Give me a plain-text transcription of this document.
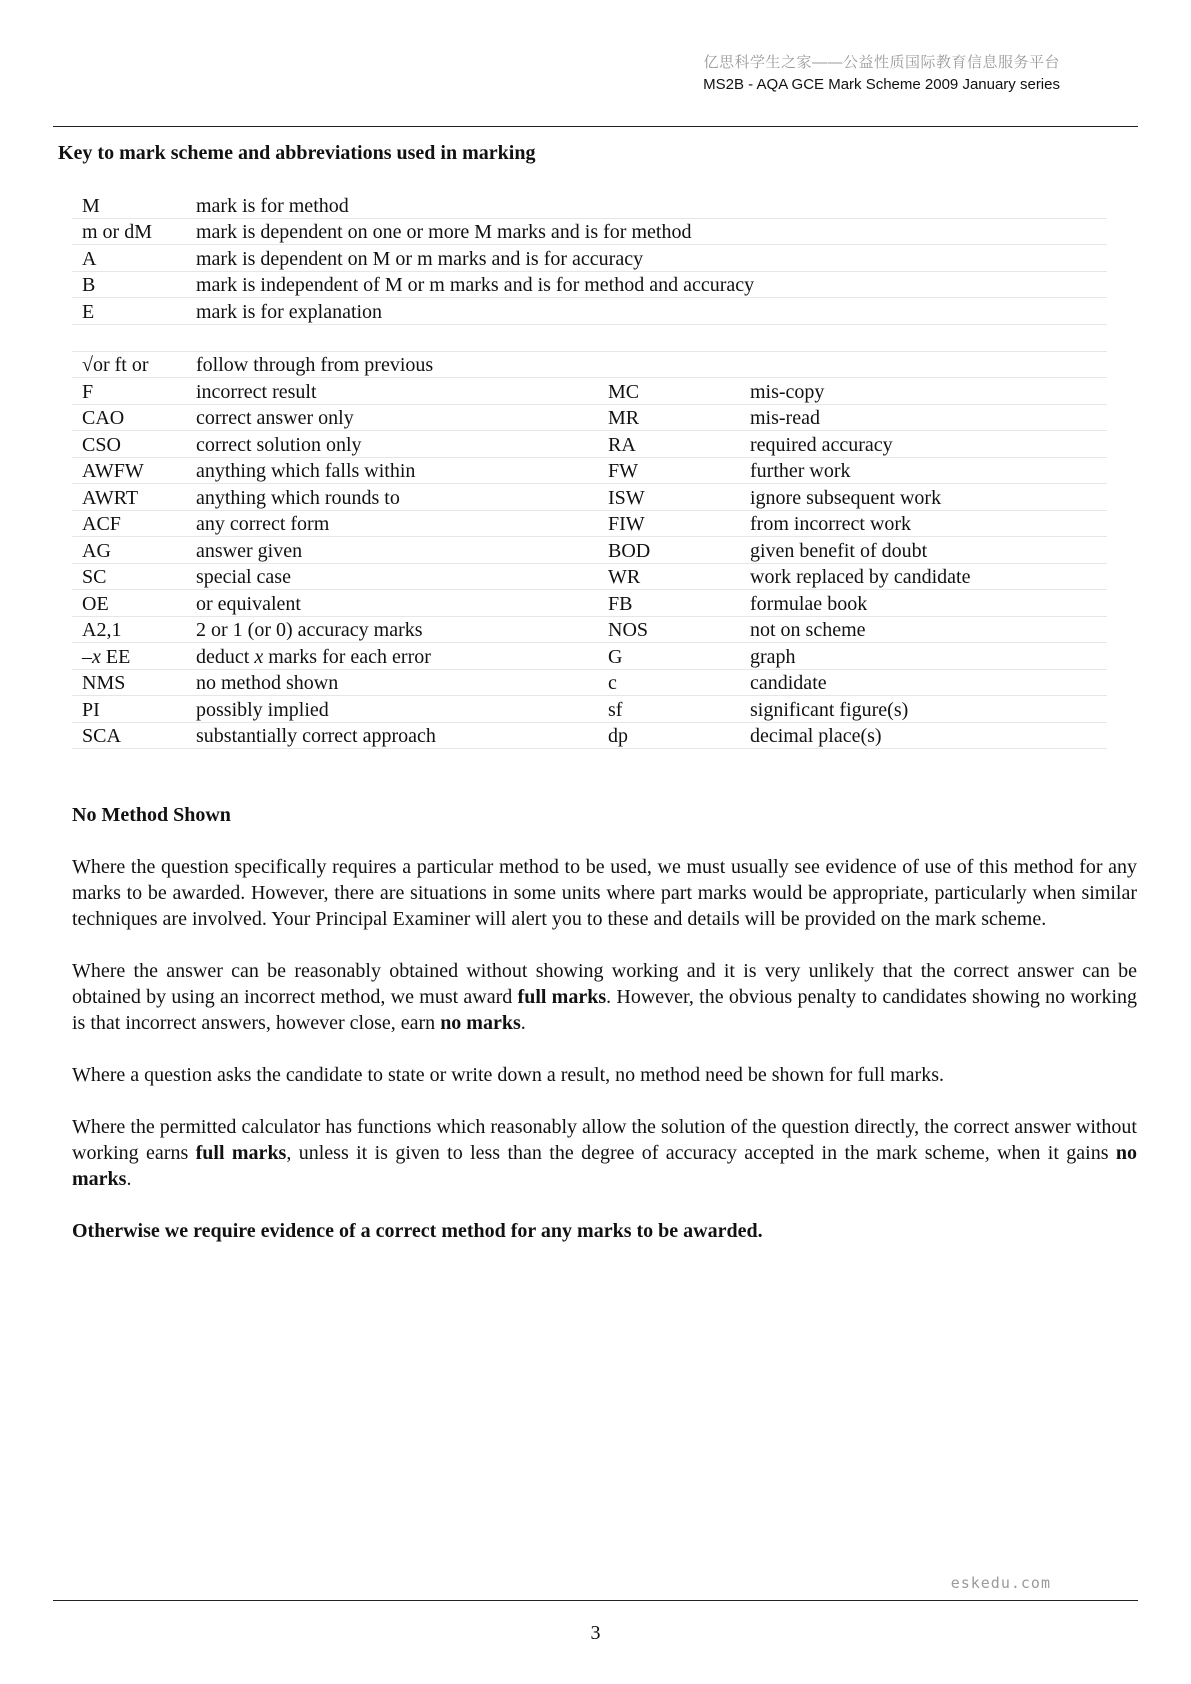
亿思科学生之家——公益性质国际教育信息服务平台
MS2B - AQA GCE Mark Scheme 2009 January series
Key to mark scheme and abbreviations used in marking
M	mark is for method		
m or dM	mark is dependent on one or more M marks and is for method		
A	mark is dependent on M or m marks and is for accuracy		
B	mark is independent of M or m marks and is for method and accuracy		
E	mark is for explanation		

√or ft or	follow through from previous		
F	incorrect result	MC	mis-copy
CAO	correct answer only	MR	mis-read
CSO	correct solution only	RA	required accuracy
AWFW	anything which falls within	FW	further work
AWRT	anything which rounds to	ISW	ignore subsequent work
ACF	any correct form	FIW	from incorrect work
AG	answer given	BOD	given benefit of doubt
SC	special case	WR	work replaced by candidate
OE	or equivalent	FB	formulae book
A2,1	2 or 1 (or 0) accuracy marks	NOS	not on scheme
–x EE	deduct x marks for each error	G	graph
NMS	no method shown	c	candidate
PI	possibly implied	sf	significant figure(s)
SCA	substantially correct approach	dp	decimal place(s)
No Method Shown

Where the question specifically requires a particular method to be used, we must usually see evidence of use of this method for any marks to be awarded. However, there are situations in some units where part marks would be appropriate, particularly when similar techniques are involved. Your Principal Examiner will alert you to these and details will be provided on the mark scheme.

Where the answer can be reasonably obtained without showing working and it is very unlikely that the correct answer can be obtained by using an incorrect method, we must award full marks. However, the obvious penalty to candidates showing no working is that incorrect answers, however close, earn no marks.

Where a question asks the candidate to state or write down a result, no method need be shown for full marks.

Where the permitted calculator has functions which reasonably allow the solution of the question directly, the correct answer without working earns full marks, unless it is given to less than the degree of accuracy accepted in the mark scheme, when it gains no marks.

Otherwise we require evidence of a correct method for any marks to be awarded.

eskedu.com
3
